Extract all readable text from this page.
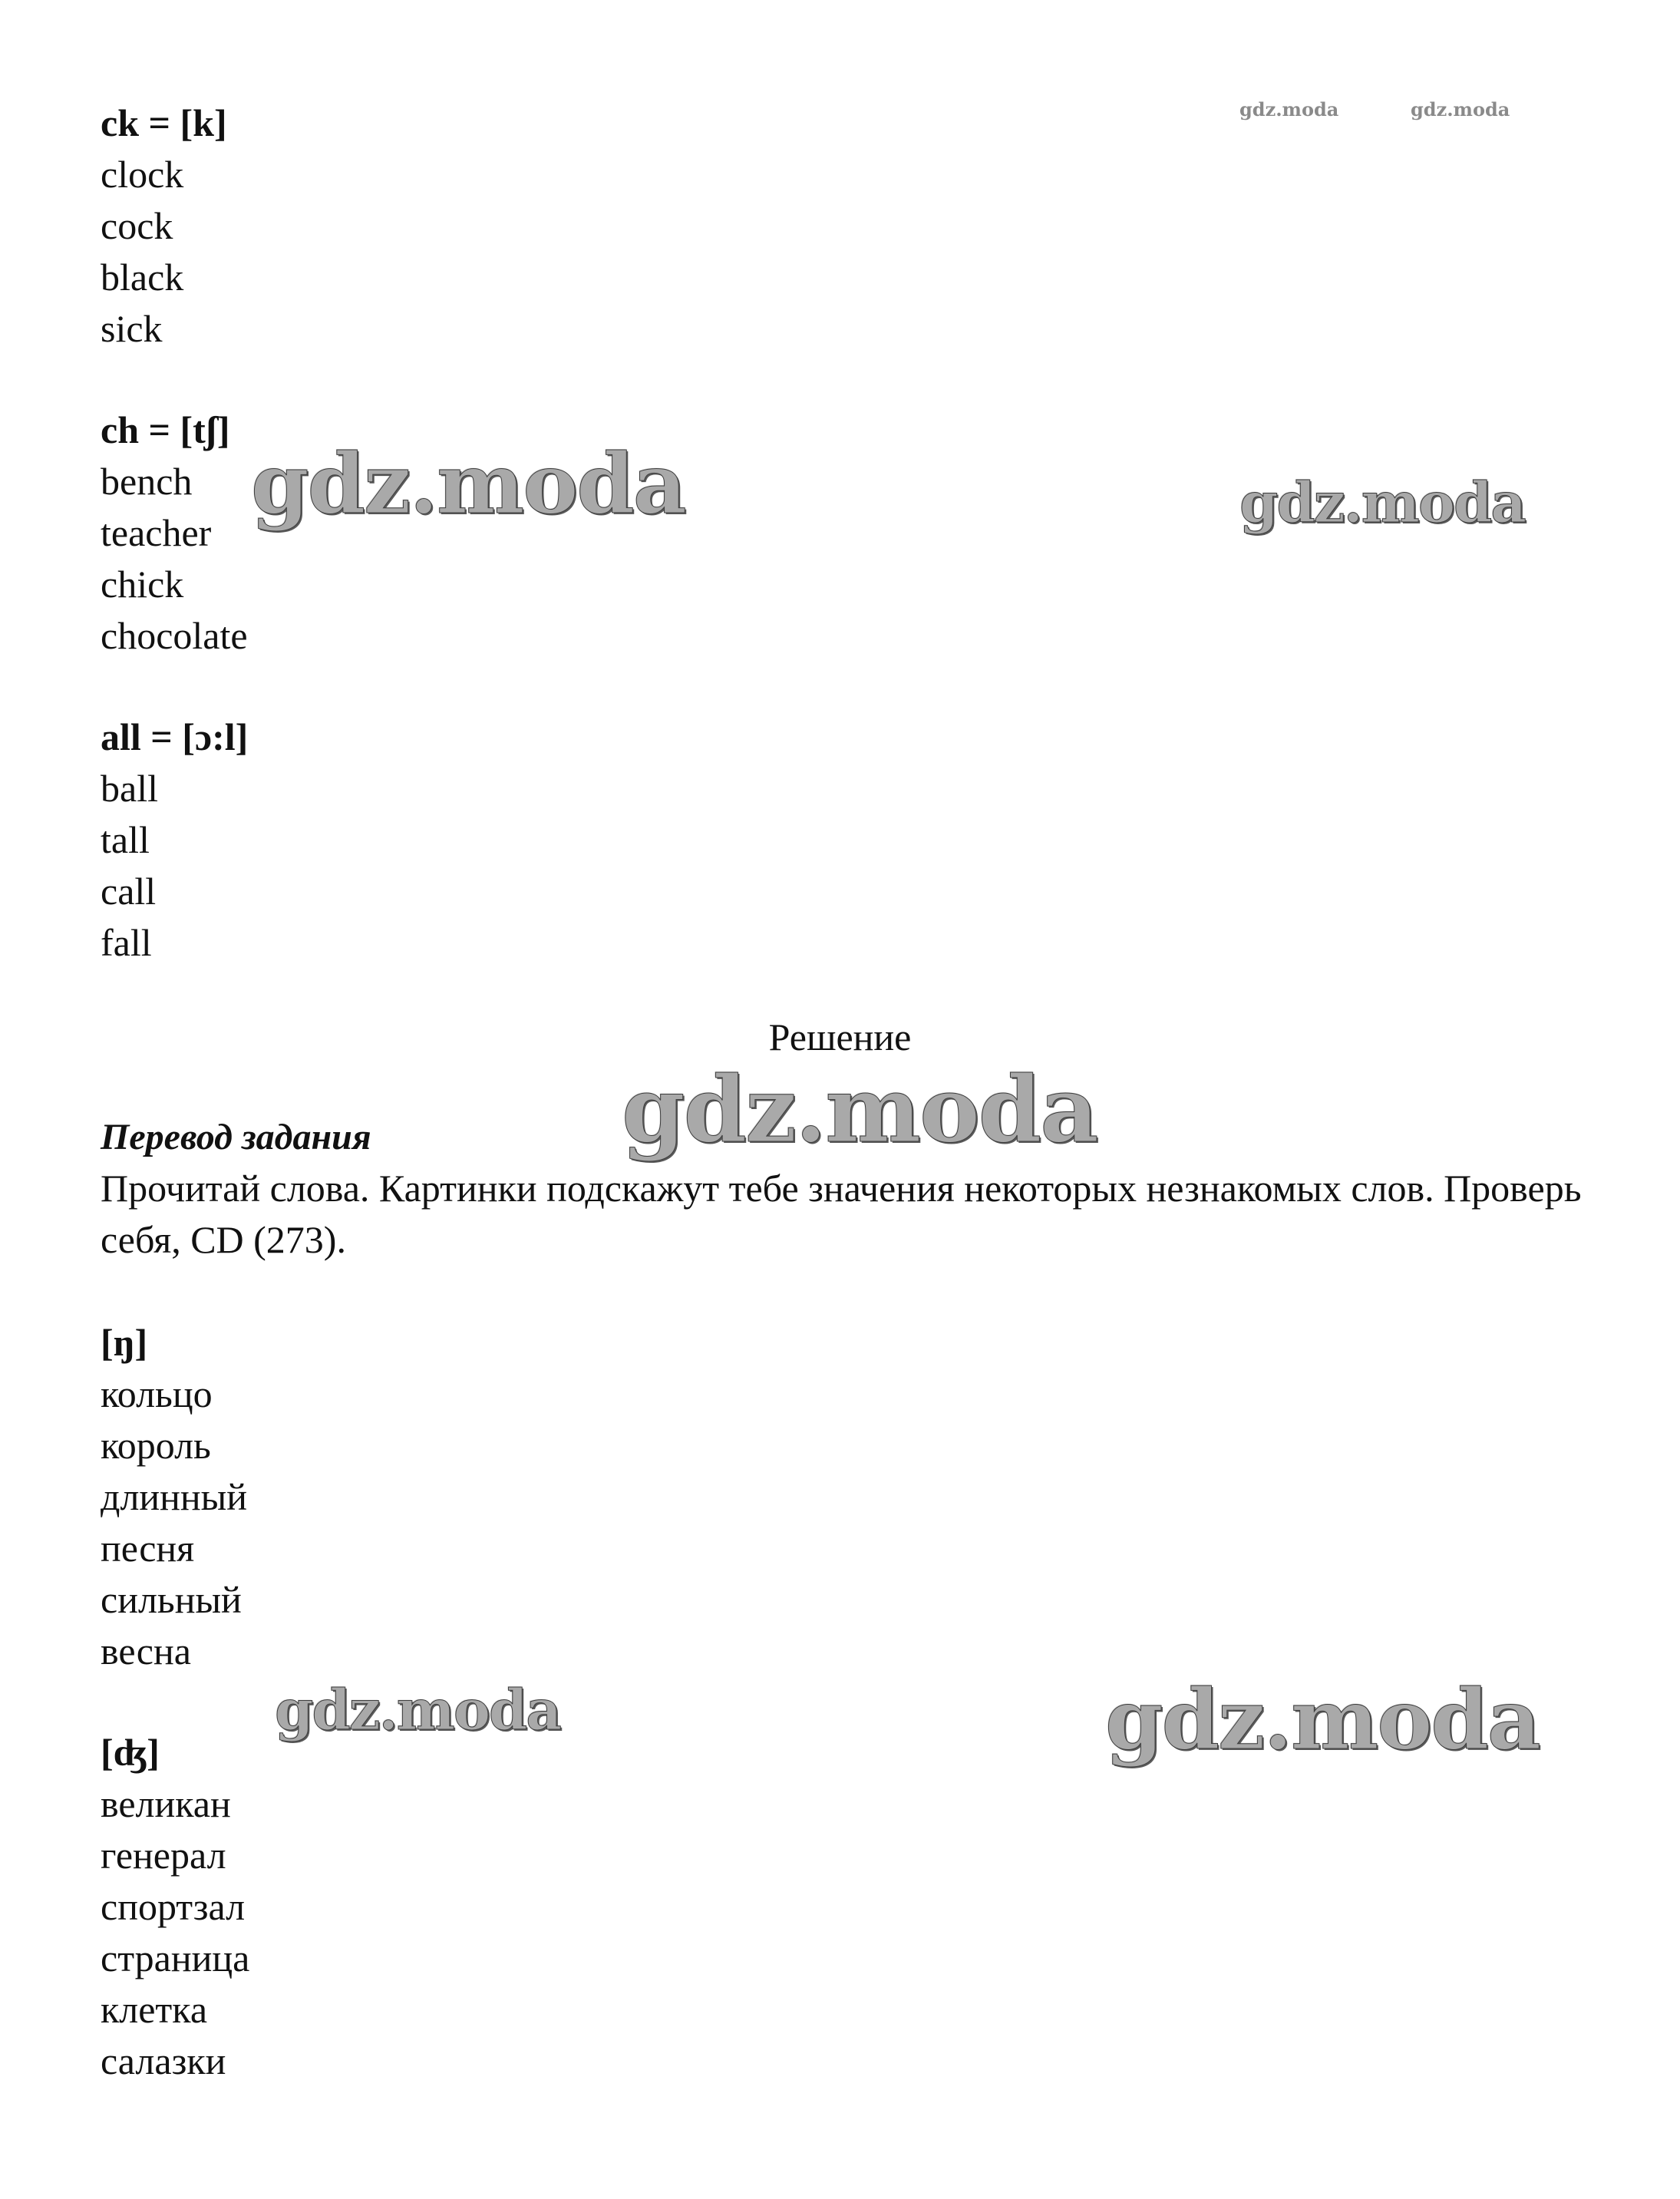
gdz.moda	gdz.moda
gdz.moda	gdz.moda
gdz.moda
gdz.moda	gdz.moda
ck = [k]
clock
cock
black
sick
ch = [tʃ]
bench
teacher
chick
chocolate
all = [ɔ:l]
ball
tall
call
fall
Решение
Перевод задания
Прочитай слова. Картинки подскажут тебе значения некоторых незнакомых слов. Проверь себя, CD (273).
[ŋ]
кольцо
король
длинный
песня
сильный
весна
[ʤ]
великан
генерал
спортзал
страница
клетка
салазки
